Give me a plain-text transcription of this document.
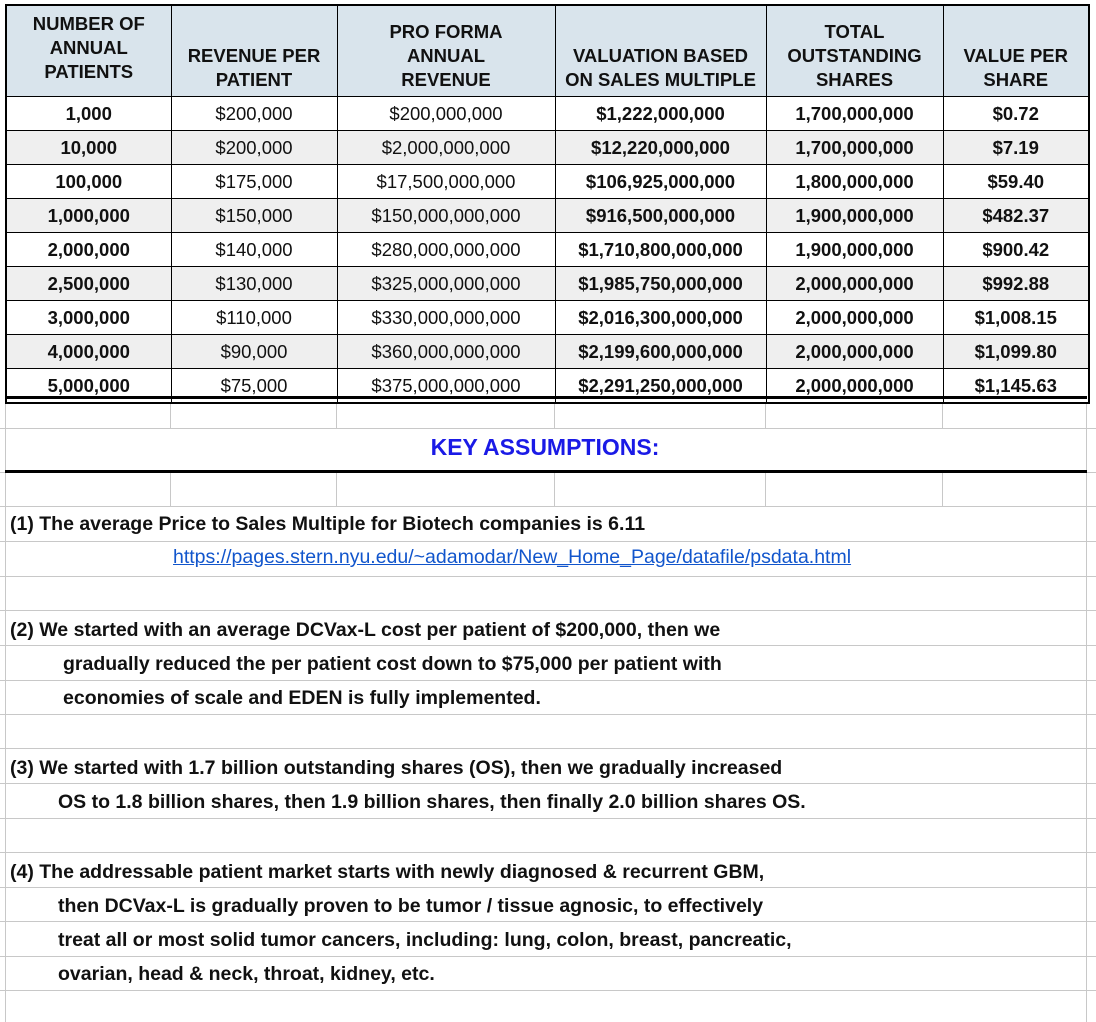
NUMBER OF ANNUAL PATIENTS	REVENUE PER PATIENT	PRO FORMA ANNUAL REVENUE	VALUATION BASED ON SALES MULTIPLE	TOTAL OUTSTANDING SHARES	VALUE PER SHARE

1,000	$200,000	$200,000,000	$1,222,000,000	1,700,000,000	$0.72
10,000	$200,000	$2,000,000,000	$12,220,000,000	1,700,000,000	$7.19
100,000	$175,000	$17,500,000,000	$106,925,000,000	1,800,000,000	$59.40
1,000,000	$150,000	$150,000,000,000	$916,500,000,000	1,900,000,000	$482.37
2,000,000	$140,000	$280,000,000,000	$1,710,800,000,000	1,900,000,000	$900.42
2,500,000	$130,000	$325,000,000,000	$1,985,750,000,000	2,000,000,000	$992.88
3,000,000	$110,000	$330,000,000,000	$2,016,300,000,000	2,000,000,000	$1,008.15
4,000,000	$90,000	$360,000,000,000	$2,199,600,000,000	2,000,000,000	$1,099.80
5,000,000	$75,000	$375,000,000,000	$2,291,250,000,000	2,000,000,000	$1,145.63
KEY ASSUMPTIONS:
(1) The average Price to Sales Multiple for Biotech companies is 6.11
https://pages.stern.nyu.edu/~adamodar/New_Home_Page/datafile/psdata.html
(2) We started with an average DCVax-L cost per patient of $200,000, then we
gradually reduced the per patient cost down to $75,000 per patient with
economies of scale and EDEN is fully implemented.
(3) We started with 1.7 billion outstanding shares (OS), then we gradually increased
OS to 1.8 billion shares, then 1.9 billion shares, then finally 2.0 billion shares OS.
(4) The addressable patient market starts with newly diagnosed & recurrent GBM,
then DCVax-L is gradually proven to be tumor / tissue agnosic, to effectively
treat all or most solid tumor cancers, including: lung, colon, breast, pancreatic,
ovarian, head & neck, throat, kidney, etc.
